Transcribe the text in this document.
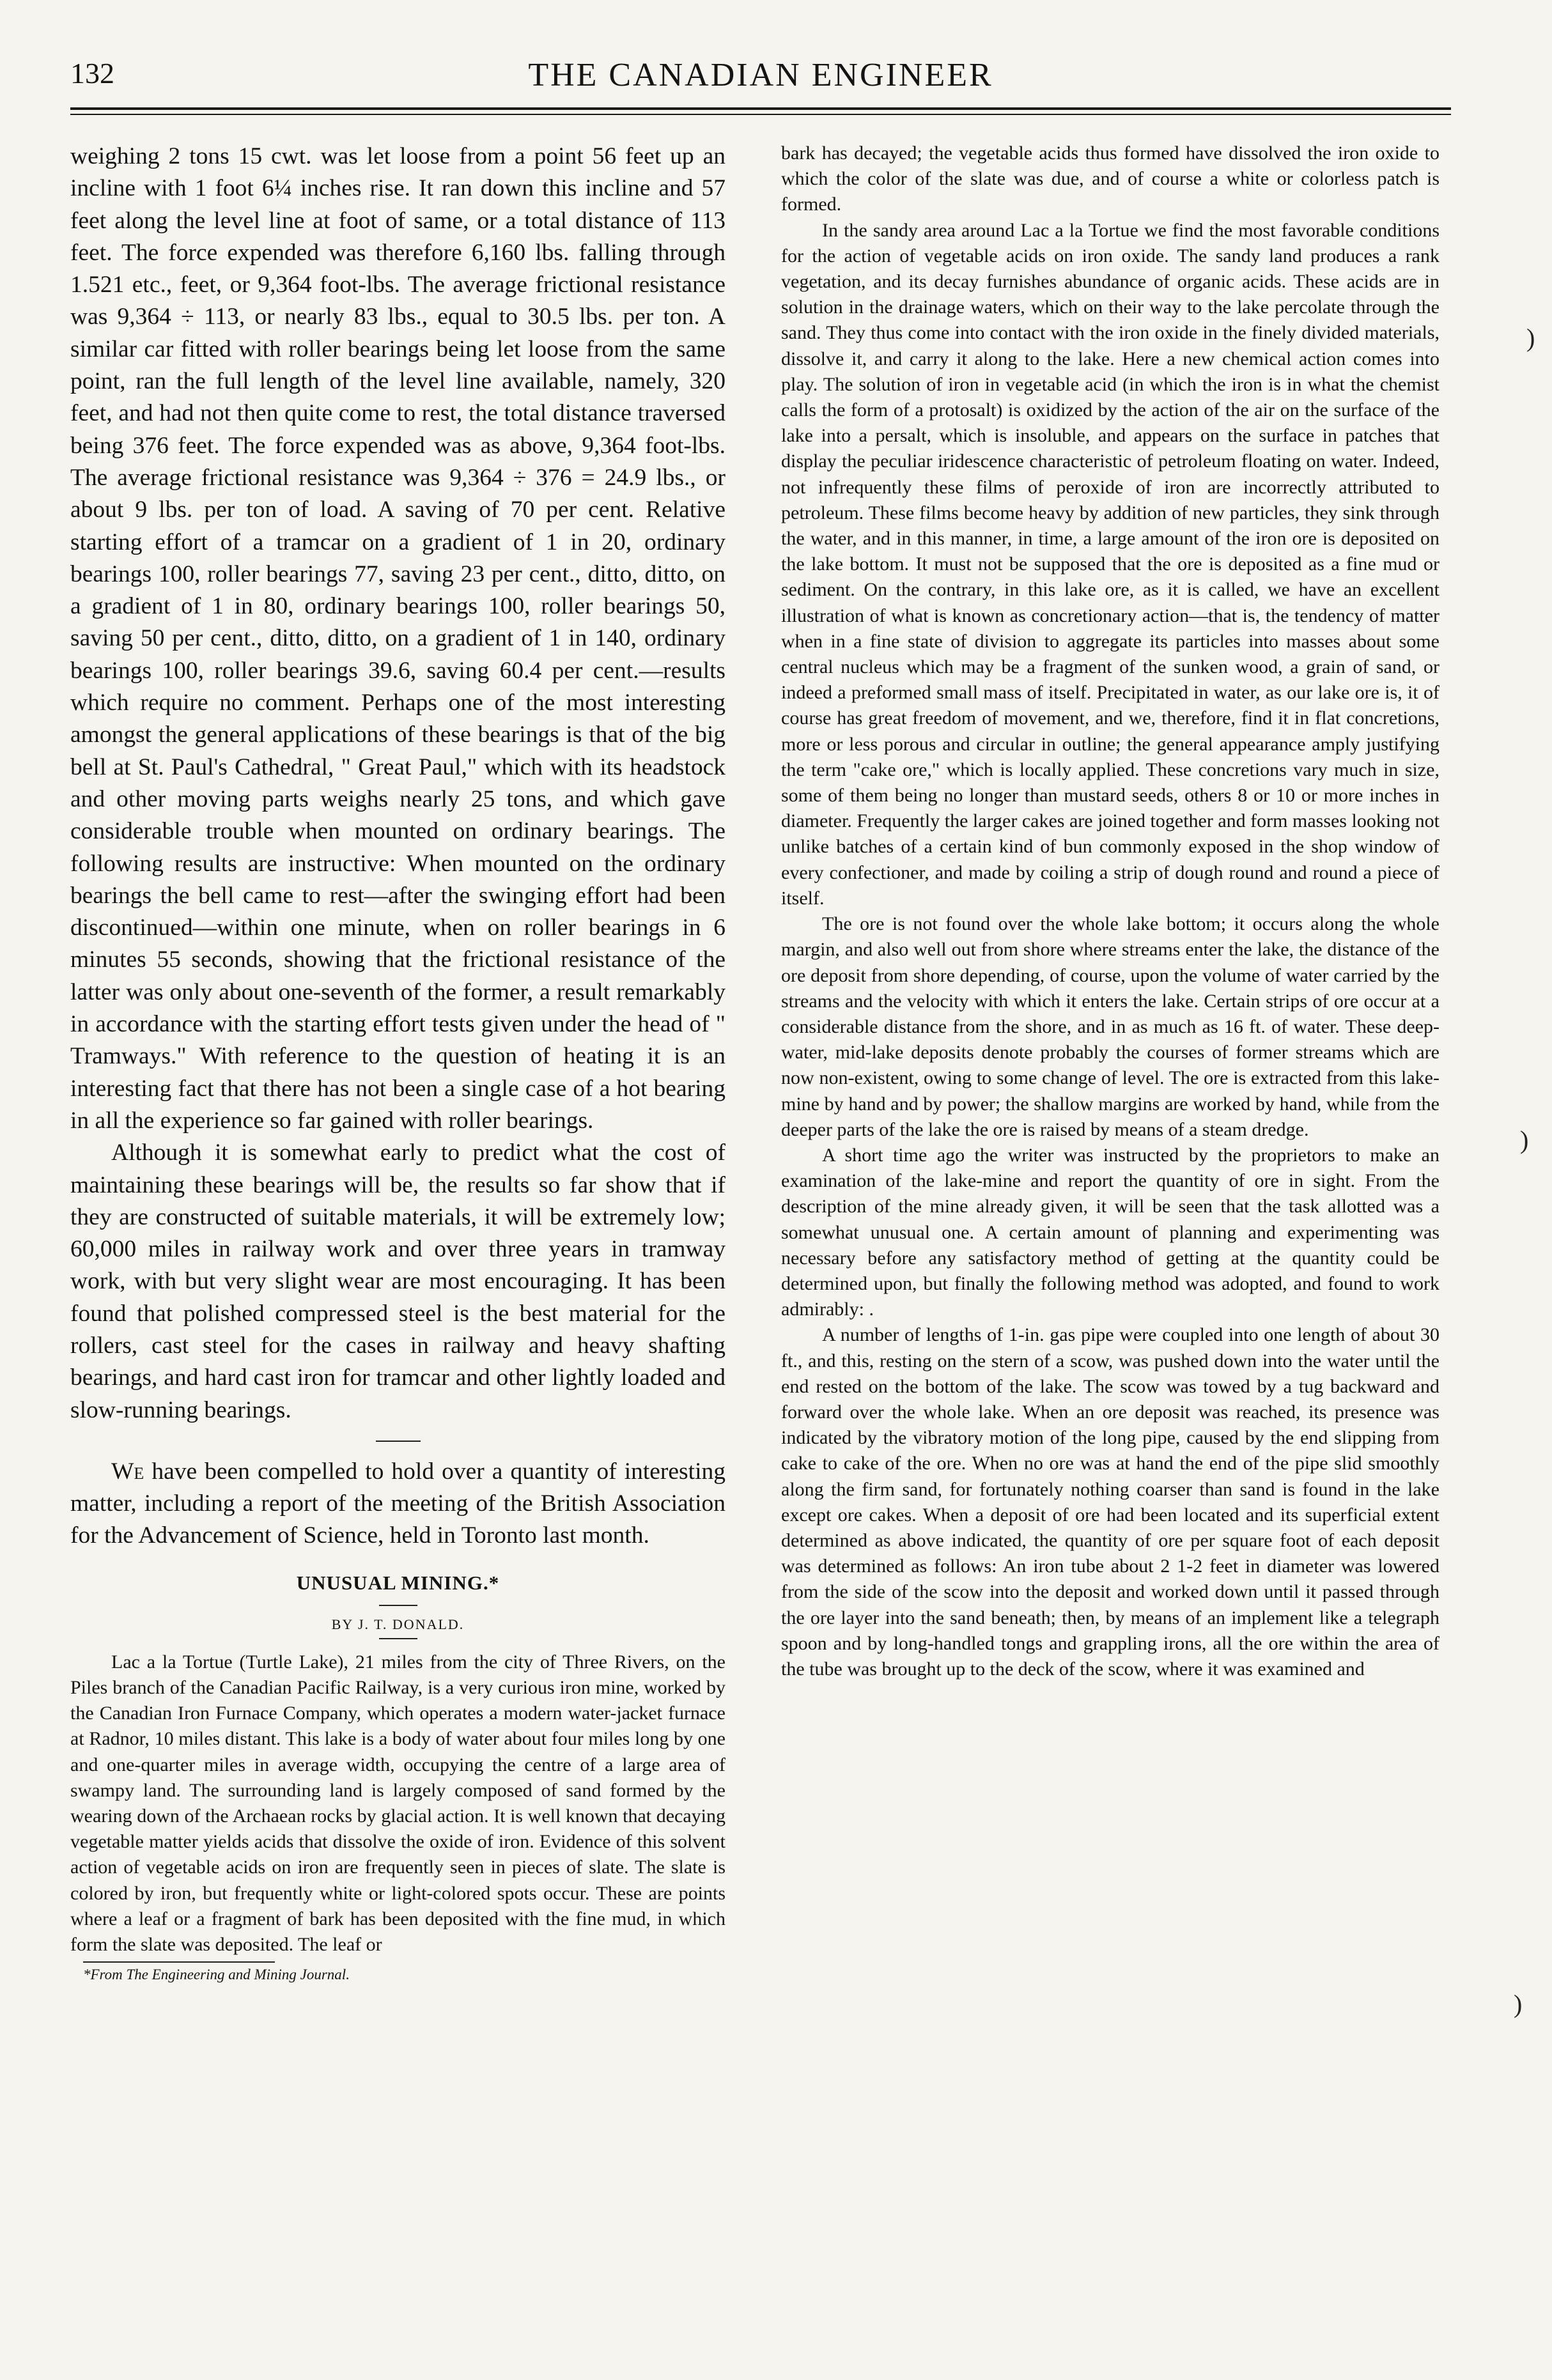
132	THE CANADIAN ENGINEER

weighing 2 tons 15 cwt. was let loose from a point 56 feet up an incline with 1 foot 6¼ inches rise. It ran down this incline and 57 feet along the level line at foot of same, or a total distance of 113 feet. The force expended was therefore 6,160 lbs. falling through 1.521 etc., feet, or 9,364 foot-lbs. The average frictional resistance was 9,364 ÷ 113, or nearly 83 lbs., equal to 30.5 lbs. per ton. A similar car fitted with roller bearings being let loose from the same point, ran the full length of the level line available, namely, 320 feet, and had not then quite come to rest, the total distance traversed being 376 feet. The force expended was as above, 9,364 foot-lbs. The average frictional resistance was 9,364 ÷ 376 = 24.9 lbs., or about 9 lbs. per ton of load. A saving of 70 per cent. Relative starting effort of a tramcar on a gradient of 1 in 20, ordinary bearings 100, roller bearings 77, saving 23 per cent., ditto, ditto, on a gradient of 1 in 80, ordinary bearings 100, roller bearings 50, saving 50 per cent., ditto, ditto, on a gradient of 1 in 140, ordinary bearings 100, roller bearings 39.6, saving 60.4 per cent.—results which require no comment. Perhaps one of the most interesting amongst the general applications of these bearings is that of the big bell at St. Paul's Cathedral, " Great Paul," which with its headstock and other moving parts weighs nearly 25 tons, and which gave considerable trouble when mounted on ordinary bearings. The following results are instructive: When mounted on the ordinary bearings the bell came to rest—after the swinging effort had been discontinued—within one minute, when on roller bearings in 6 minutes 55 seconds, showing that the frictional resistance of the latter was only about one-seventh of the former, a result remarkably in accordance with the starting effort tests given under the head of " Tramways." With reference to the question of heating it is an interesting fact that there has not been a single case of a hot bearing in all the experience so far gained with roller bearings.

Although it is somewhat early to predict what the cost of maintaining these bearings will be, the results so far show that if they are constructed of suitable materials, it will be extremely low; 60,000 miles in railway work and over three years in tramway work, with but very slight wear are most encouraging. It has been found that polished compressed steel is the best material for the rollers, cast steel for the cases in railway and heavy shafting bearings, and hard cast iron for tramcar and other lightly loaded and slow-running bearings.

We have been compelled to hold over a quantity of interesting matter, including a report of the meeting of the British Association for the Advancement of Science, held in Toronto last month.

UNUSUAL MINING.*

BY J. T. DONALD.

Lac a la Tortue (Turtle Lake), 21 miles from the city of Three Rivers, on the Piles branch of the Canadian Pacific Railway, is a very curious iron mine, worked by the Canadian Iron Furnace Company, which operates a modern water-jacket furnace at Radnor, 10 miles distant. This lake is a body of water about four miles long by one and one-quarter miles in average width, occupying the centre of a large area of swampy land. The surrounding land is largely composed of sand formed by the wearing down of the Archaean rocks by glacial action. It is well known that decaying vegetable matter yields acids that dissolve the oxide of iron. Evidence of this solvent action of vegetable acids on iron are frequently seen in pieces of slate. The slate is colored by iron, but frequently white or light-colored spots occur. These are points where a leaf or a fragment of bark has been deposited with the fine mud, in which form the slate was deposited. The leaf or

*From The Engineering and Mining Journal.

bark has decayed; the vegetable acids thus formed have dissolved the iron oxide to which the color of the slate was due, and of course a white or colorless patch is formed.

In the sandy area around Lac a la Tortue we find the most favorable conditions for the action of vegetable acids on iron oxide. The sandy land produces a rank vegetation, and its decay furnishes abundance of organic acids. These acids are in solution in the drainage waters, which on their way to the lake percolate through the sand. They thus come into contact with the iron oxide in the finely divided materials, dissolve it, and carry it along to the lake. Here a new chemical action comes into play. The solution of iron in vegetable acid (in which the iron is in what the chemist calls the form of a protosalt) is oxidized by the action of the air on the surface of the lake into a persalt, which is insoluble, and appears on the surface in patches that display the peculiar iridescence characteristic of petroleum floating on water. Indeed, not infrequently these films of peroxide of iron are incorrectly attributed to petroleum. These films become heavy by addition of new particles, they sink through the water, and in this manner, in time, a large amount of the iron ore is deposited on the lake bottom. It must not be supposed that the ore is deposited as a fine mud or sediment. On the contrary, in this lake ore, as it is called, we have an excellent illustration of what is known as concretionary action—that is, the tendency of matter when in a fine state of division to aggregate its particles into masses about some central nucleus which may be a fragment of the sunken wood, a grain of sand, or indeed a preformed small mass of itself. Precipitated in water, as our lake ore is, it of course has great freedom of movement, and we, therefore, find it in flat concretions, more or less porous and circular in outline; the general appearance amply justifying the term "cake ore," which is locally applied. These concretions vary much in size, some of them being no longer than mustard seeds, others 8 or 10 or more inches in diameter. Frequently the larger cakes are joined together and form masses looking not unlike batches of a certain kind of bun commonly exposed in the shop window of every confectioner, and made by coiling a strip of dough round and round a piece of itself.

The ore is not found over the whole lake bottom; it occurs along the whole margin, and also well out from shore where streams enter the lake, the distance of the ore deposit from shore depending, of course, upon the volume of water carried by the streams and the velocity with which it enters the lake. Certain strips of ore occur at a considerable distance from the shore, and in as much as 16 ft. of water. These deep-water, mid-lake deposits denote probably the courses of former streams which are now non-existent, owing to some change of level. The ore is extracted from this lake-mine by hand and by power; the shallow margins are worked by hand, while from the deeper parts of the lake the ore is raised by means of a steam dredge.

A short time ago the writer was instructed by the proprietors to make an examination of the lake-mine and report the quantity of ore in sight. From the description of the mine already given, it will be seen that the task allotted was a somewhat unusual one. A certain amount of planning and experimenting was necessary before any satisfactory method of getting at the quantity could be determined upon, but finally the following method was adopted, and found to work admirably: .

A number of lengths of 1-in. gas pipe were coupled into one length of about 30 ft., and this, resting on the stern of a scow, was pushed down into the water until the end rested on the bottom of the lake. The scow was towed by a tug backward and forward over the whole lake. When an ore deposit was reached, its presence was indicated by the vibratory motion of the long pipe, caused by the end slipping from cake to cake of the ore. When no ore was at hand the end of the pipe slid smoothly along the firm sand, for fortunately nothing coarser than sand is found in the lake except ore cakes. When a deposit of ore had been located and its superficial extent determined as above indicated, the quantity of ore per square foot of each deposit was determined as follows: An iron tube about 2 1-2 feet in diameter was lowered from the side of the scow into the deposit and worked down until it passed through the ore layer into the sand beneath; then, by means of an implement like a telegraph spoon and by long-handled tongs and grappling irons, all the ore within the area of the tube was brought up to the deck of the scow, where it was examined and

)
)
)
